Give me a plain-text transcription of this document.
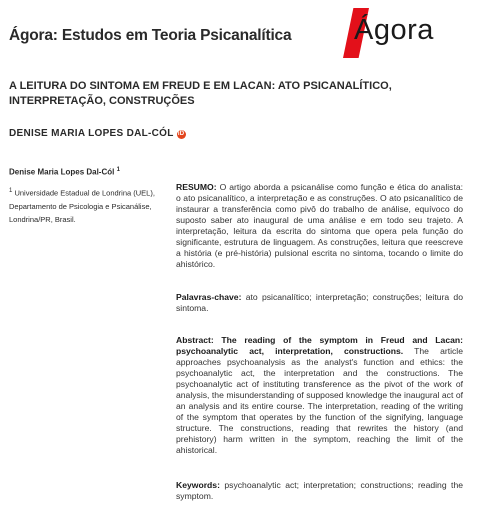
Ágora: Estudos em Teoria Psicanalítica Ágora
A LEITURA DO SINTOMA EM FREUD E EM LACAN: ATO PSICANALÍTICO, INTERPRETAÇÃO, CONSTRUÇÕES
DENISE MARIA LOPES DAL-CÓL iD
Denise Maria Lopes Dal-Cól $^1$
$^1$ Universidade Estadual de Londrina (UEL), Departamento de Psicologia e Psicanálise, Londrina/PR, Brasil.
RESUMO: O artigo aborda a psicanálise como função e ética do analista: o ato psicanalítico, a interpretação e as construções. O ato psicanalítico de instaurar a transferência como pivô do trabalho de análise, equívoco do suposto saber ato inaugural de uma análise e em todo seu trajeto. A interpretação, leitura da escrita do sintoma que opera pela função do significante, estrutura de linguagem. As construções, leitura que reescreve a história (e pré-história) pulsional escrita no sintoma, tocando o limite do ahistórico.
Palavras-chave: ato psicanalítico; interpretação; construções; leitura do sintoma.
Abstract: The reading of the symptom in Freud and Lacan: psychoanalytic act, interpretation, constructions. The article approaches psychoanalysis as the analyst's function and ethics: the psychoanalytic act, the interpretation and the constructions. The psychoanalytic act of instituting transference as the pivot of the work of analysis, the misunderstanding of supposed knowledge the inaugural act of an analysis and its entire course. The interpretation, reading of the writing of the symptom that operates by the function of the signifying, language structure. The constructions, reading that rewrites the history (and prehistory) harm written in the symptom, reaching the limit of the ahistorical.
Keywords: psychoanalytic act; interpretation; constructions; reading the symptom.
